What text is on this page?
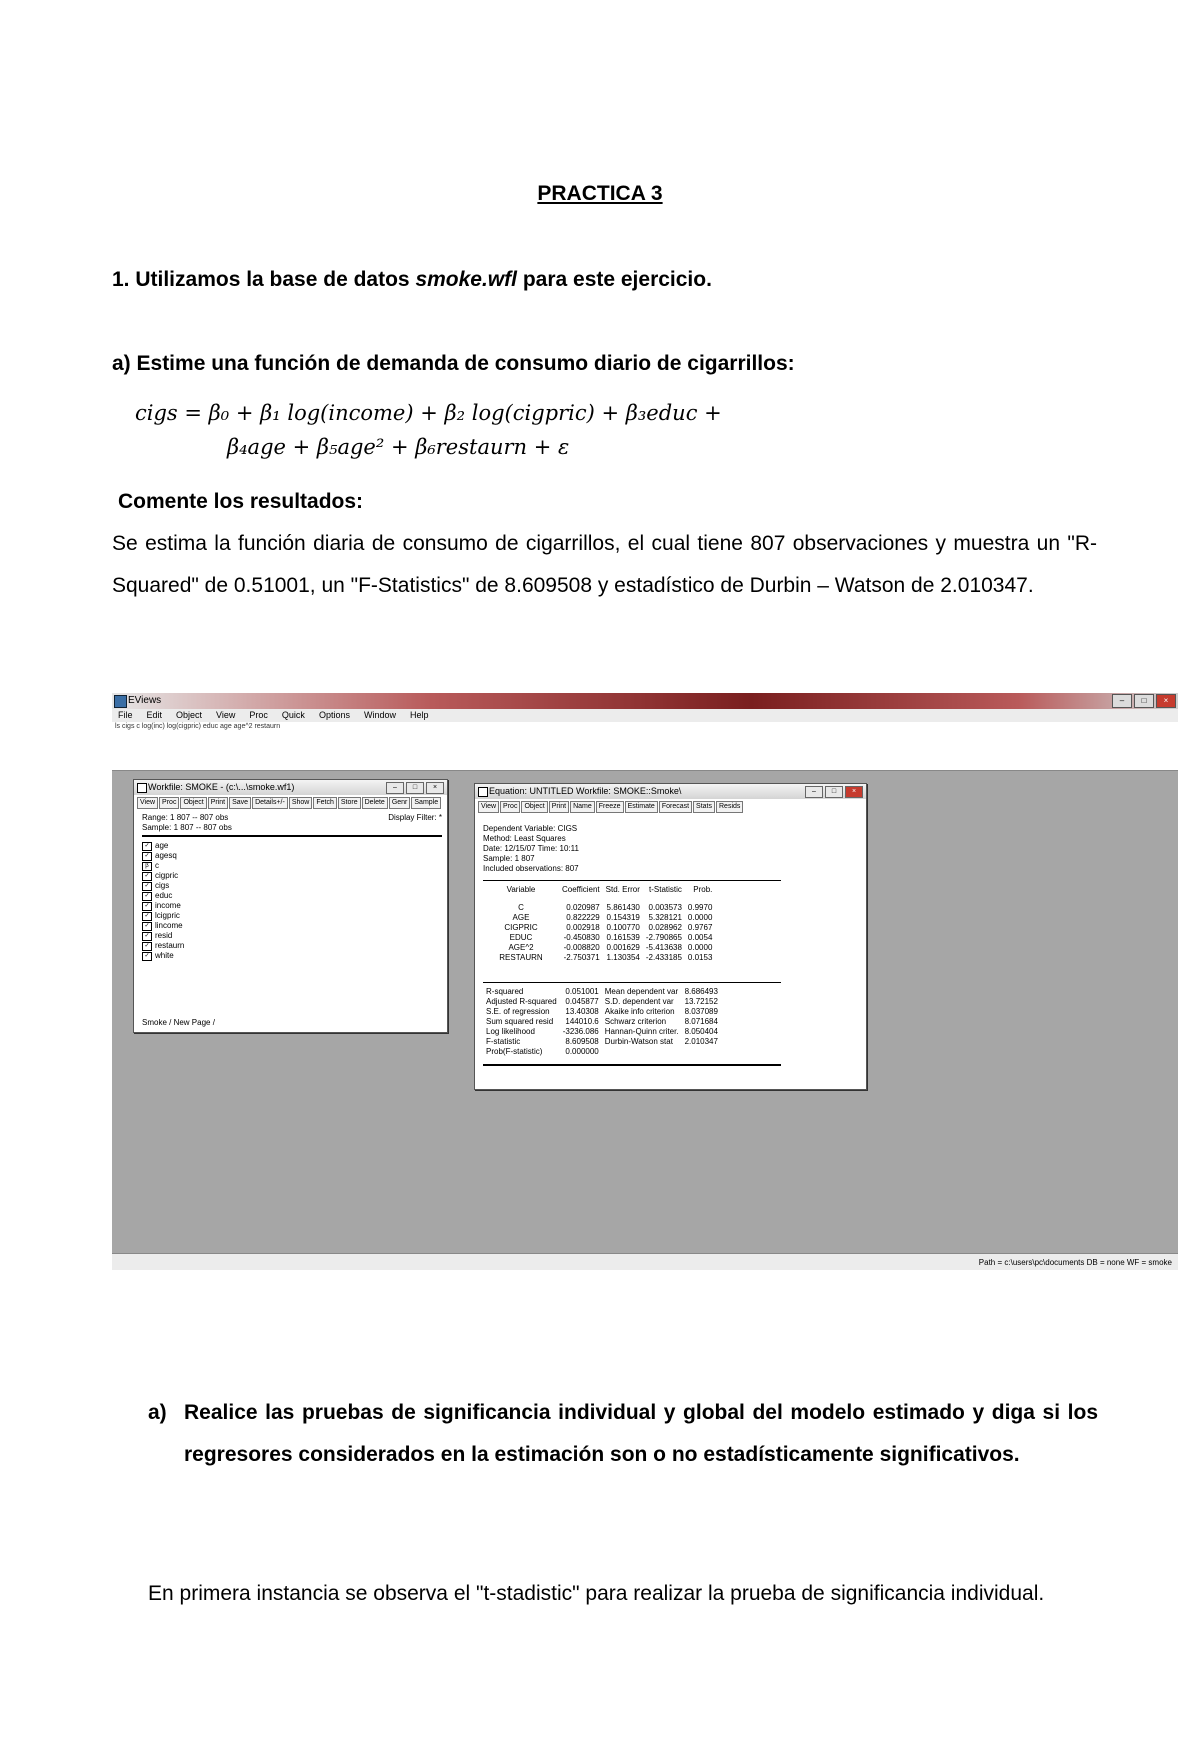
PRACTICA 3
1. Utilizamos la base de datos smoke.wfl para este ejercicio.
a) Estime una función de demanda de consumo diario de cigarrillos:
cigs = β₀ + β₁ log(income) + β₂ log(cigpric) + β₃educ +
β₄age + β₅age² + β₆restaurn + ε
Comente los resultados:
Se estima la función diaria de consumo de cigarrillos, el cual tiene 807 observaciones y muestra un "R-Squared" de 0.51001, un "F-Statistics" de 8.609508 y estadístico de Durbin – Watson de 2.010347.
EViews	–	□	×
File Edit Object View Proc Quick Options Window Help
ls cigs c log(inc) log(cigpric) educ age age^2 restaurn
Workfile: SMOKE - (c:\...\smoke.wf1)	–	□	×
View	Proc	Object	Print	Save	Details+/-	Show	Fetch	Store	Delete	Genr	Sample
Range: 1 807 -- 807 obs
Sample: 1 807 -- 807 obs
Display Filter: *
✓ age
✓ agesq
β c
✓ cigpric
✓ cigs
✓ educ
✓ income
✓ lcigpric
✓ lincome
✓ resid
✓ restaurn
✓ white
Smoke / New Page /
Equation: UNTITLED Workfile: SMOKE::Smoke\	–	□	×
View	Proc	Object	Print	Name	Freeze	Estimate	Forecast	Stats	Resids
Dependent Variable: CIGS
Method: Least Squares
Date: 12/15/07 Time: 10:11
Sample: 1 807
Included observations: 807
Variable	Coefficient	Std. Error	t-Statistic	Prob.

C	0.020987	5.861430	0.003573	0.9970
AGE	0.822229	0.154319	5.328121	0.0000
CIGPRIC	0.002918	0.100770	0.028962	0.9767
EDUC	-0.450830	0.161539	-2.790865	0.0054
AGE^2	-0.008820	0.001629	-5.413638	0.0000
RESTAURN	-2.750371	1.130354	-2.433185	0.0153
R-squared	0.051001	Mean dependent var	8.686493
Adjusted R-squared	0.045877	S.D. dependent var	13.72152
S.E. of regression	13.40308	Akaike info criterion	8.037089
Sum squared resid	144010.6	Schwarz criterion	8.071684
Log likelihood	-3236.086	Hannan-Quinn criter.	8.050404
F-statistic	8.609508	Durbin-Watson stat	2.010347
Prob(F-statistic)	0.000000		
Path = c:\users\pc\documents DB = none WF = smoke
a) Realice las pruebas de significancia individual y global del modelo estimado y diga si los regresores considerados en la estimación son o no estadísticamente significativos.
En primera instancia se observa el "t-stadistic" para realizar la prueba de significancia individual.
